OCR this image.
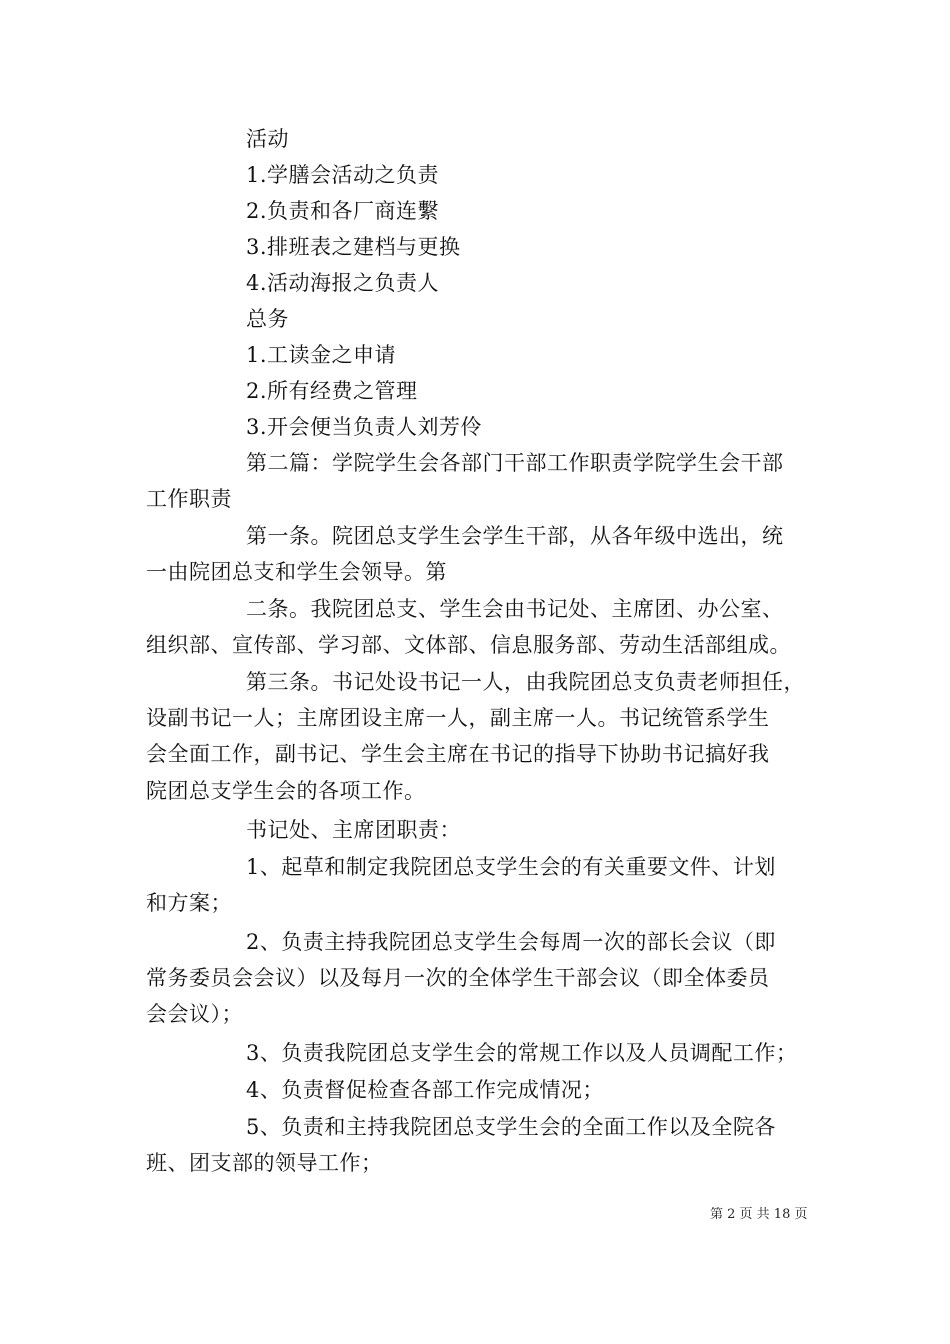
活动

1.学膳会活动之负责

2.负责和各厂商连繫

3.排班表之建档与更换

4.活动海报之负责人

总务

1.工读金之申请

2.所有经费之管理

3.开会便当负责人刘芳伶

第二篇：学院学生会各部门干部工作职责学院学生会干部

工作职责

第一条。院团总支学生会学生干部，从各年级中选出，统

一由院团总支和学生会领导。第

二条。我院团总支、学生会由书记处、主席团、办公室、

组织部、宣传部、学习部、文体部、信息服务部、劳动生活部组成。

第三条。书记处设书记一人，由我院团总支负责老师担任，

设副书记一人；主席团设主席一人，副主席一人。书记统管系学生

会全面工作，副书记、学生会主席在书记的指导下协助书记搞好我

院团总支学生会的各项工作。

书记处、主席团职责：

1、起草和制定我院团总支学生会的有关重要文件、计划

和方案；

2、负责主持我院团总支学生会每周一次的部长会议（即

常务委员会会议）以及每月一次的全体学生干部会议（即全体委员

会会议）；

3、负责我院团总支学生会的常规工作以及人员调配工作；

4、负责督促检查各部工作完成情况；

5、负责和主持我院团总支学生会的全面工作以及全院各

班、团支部的领导工作；

第 2 页 共 18 页
